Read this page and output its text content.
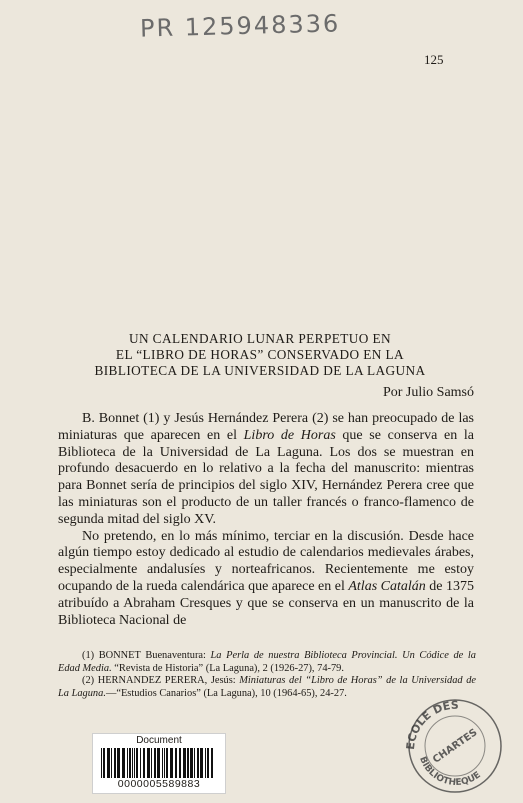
PR 125948336
125
UN CALENDARIO LUNAR PERPETUO EN
EL “LIBRO DE HORAS” CONSERVADO EN LA
BIBLIOTECA DE LA UNIVERSIDAD DE LA LAGUNA
Por Julio Samsó

B. Bonnet (1) y Jesús Hernández Perera (2) se han preocupado de las miniaturas que aparecen en el Libro de Horas que se conserva en la Biblioteca de la Universidad de La Laguna. Los dos se muestran en profundo desacuerdo en lo relativo a la fecha del manuscrito: mientras para Bonnet sería de principios del siglo XIV, Hernández Perera cree que las miniaturas son el producto de un taller francés o franco-flamenco de segunda mitad del siglo XV.

No pretendo, en lo más mínimo, terciar en la discusión. Desde hace algún tiempo estoy dedicado al estudio de calendarios medievales árabes, especialmente andalusíes y norteafricanos. Recientemente me estoy ocupando de la rueda calendárica que aparece en el Atlas Catalán de 1375 atribuído a Abraham Cresques y que se conserva en un manuscrito de la Biblioteca Nacional de

(1) BONNET Buenaventura: La Perla de nuestra Biblioteca Provincial. Un Códice de la Edad Media. “Revista de Historia” (La Laguna), 2 (1926-27), 74-79.

(2) HERNANDEZ PERERA, Jesús: Miniaturas del “Libro de Horas” de la Universidad de La Laguna.—“Estudios Canarios” (La Laguna), 10 (1964-65), 24-27.

ECOLE DES
CHARTES
BIBLIOTHEQUE
Document
0000005589883
